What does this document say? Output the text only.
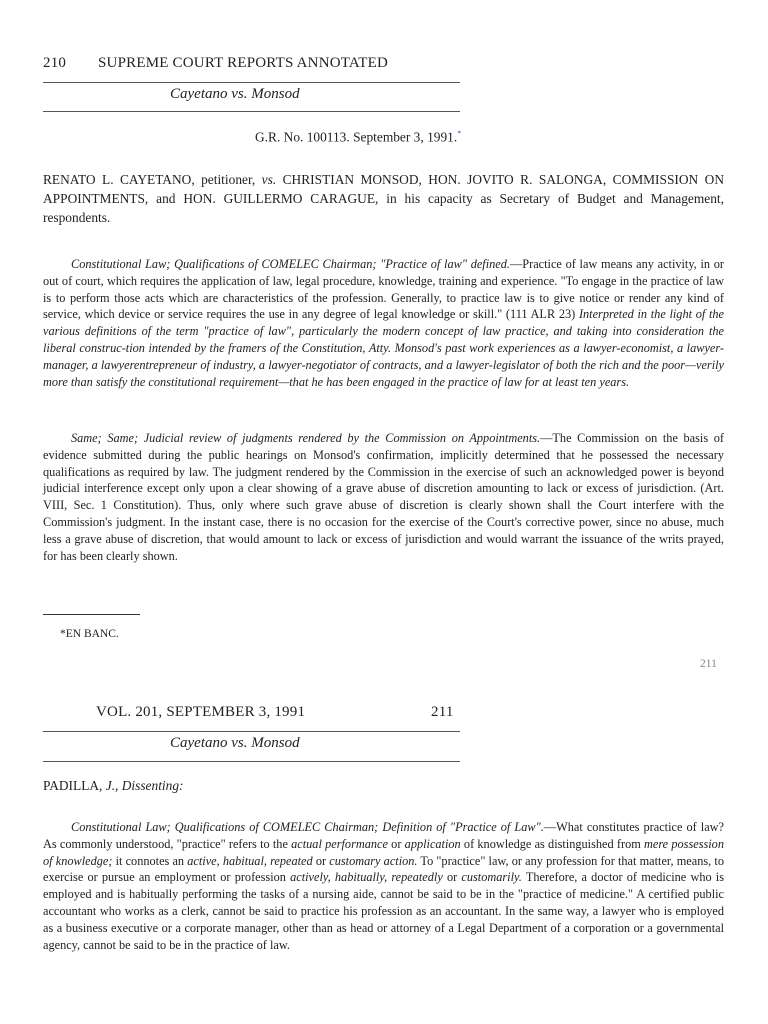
210 SUPREME COURT REPORTS ANNOTATED
Cayetano vs. Monsod
G.R. No. 100113. September 3, 1991.*
RENATO L. CAYETANO, petitioner, vs. CHRISTIAN MONSOD, HON. JOVITO R. SALONGA, COMMISSION ON APPOINTMENTS, and HON. GUILLERMO CARAGUE, in his capacity as Secretary of Budget and Management, respondents.
Constitutional Law; Qualifications of COMELEC Chairman; "Practice of law" defined.—Practice of law means any activity, in or out of court, which requires the application of law, legal procedure, knowledge, training and experience. "To engage in the practice of law is to perform those acts which are characteristics of the profession. Generally, to practice law is to give notice or render any kind of service, which device or service requires the use in any degree of legal knowledge or skill." (111 ALR 23) Interpreted in the light of the various definitions of the term "practice of law", particularly the modern concept of law practice, and taking into consideration the liberal construc-tion intended by the framers of the Constitution, Atty. Monsod's past work experiences as a lawyer-economist, a lawyer-manager, a lawyerentrepreneur of industry, a lawyer-negotiator of contracts, and a lawyer-legislator of both the rich and the poor—verily more than satisfy the constitutional requirement—that he has been engaged in the practice of law for at least ten years.
Same; Same; Judicial review of judgments rendered by the Commission on Appointments.—The Commission on the basis of evidence submitted during the public hearings on Monsod's confirmation, implicitly determined that he possessed the necessary qualifications as required by law. The judgment rendered by the Commission in the exercise of such an acknowledged power is beyond judicial interference except only upon a clear showing of a grave abuse of discretion amounting to lack or excess of jurisdiction. (Art. VIII, Sec. 1 Constitution). Thus, only where such grave abuse of discretion is clearly shown shall the Court interfere with the Commission's judgment. In the instant case, there is no occasion for the exercise of the Court's corrective power, since no abuse, much less a grave abuse of discretion, that would amount to lack or excess of jurisdiction and would warrant the issuance of the writs prayed, for has been clearly shown.
*EN BANC.
211
VOL. 201, SEPTEMBER 3, 1991	211
Cayetano vs. Monsod
PADILLA, J., Dissenting:
Constitutional Law; Qualifications of COMELEC Chairman; Definition of "Practice of Law".—What constitutes practice of law? As commonly understood, "practice" refers to the actual performance or application of knowledge as distinguished from mere possession of knowledge; it connotes an active, habitual, repeated or customary action. To "practice" law, or any profession for that matter, means, to exercise or pursue an employment or profession actively, habitually, repeatedly or customarily. Therefore, a doctor of medicine who is employed and is habitually performing the tasks of a nursing aide, cannot be said to be in the "practice of medicine." A certified public accountant who works as a clerk, cannot be said to practice his profession as an accountant. In the same way, a lawyer who is employed as a business executive or a corporate manager, other than as head or attorney of a Legal Department of a corporation or a governmental agency, cannot be said to be in the practice of law.
